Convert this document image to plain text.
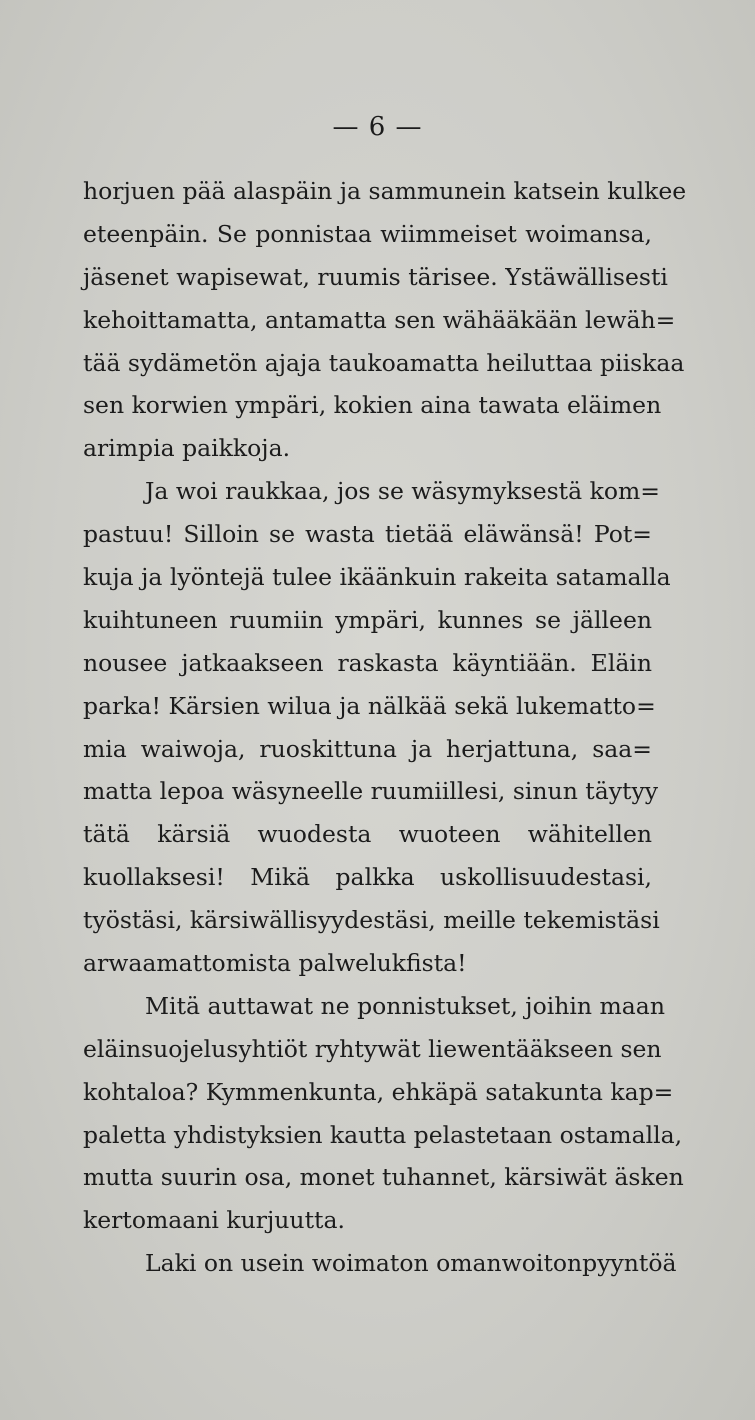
— 6 —
horjuen pää alaspäin ja sammunein katsein kulkee
eteenpäin. Se ponnistaa wiimmeiset woimansa,
jäsenet wapisewat, ruumis tärisee. Ystäwällisesti
kehoittamatta, antamatta sen wähääkään lewäh=
tää sydämetön ajaja taukoamatta heiluttaa piiskaa
sen korwien ympäri, kokien aina tawata eläimen
arimpia paikkoja.
Ja woi raukkaa, jos se wäsymyksestä kom=
pastuu! Silloin se wasta tietää eläwänsä! Pot=
kuja ja lyöntejä tulee ikäänkuin rakeita satamalla
kuihtuneen ruumiin ympäri, kunnes se jälleen
nousee jatkaakseen raskasta käyntiään. Eläin
parka! Kärsien wilua ja nälkää sekä lukematto=
mia waiwoja, ruoskittuna ja herjattuna, saa=
matta lepoa wäsyneelle ruumiillesi, sinun täytyy
tätä kärsiä wuodesta wuoteen wähitellen
kuollaksesi! Mikä palkka uskollisuudestasi,
työstäsi, kärsiwällisyydestäsi, meille tekemistäsi
arwaamattomista palwelukfista!
Mitä auttawat ne ponnistukset, joihin maan
eläinsuojelusyhtiöt ryhtywät liewentääkseen sen
kohtaloa? Kymmenkunta, ehkäpä satakunta kap=
paletta yhdistyksien kautta pelastetaan ostamalla,
mutta suurin osa, monet tuhannet, kärsiwät äsken
kertomaani kurjuutta.
Laki on usein woimaton omanwoitonpyyntöä
